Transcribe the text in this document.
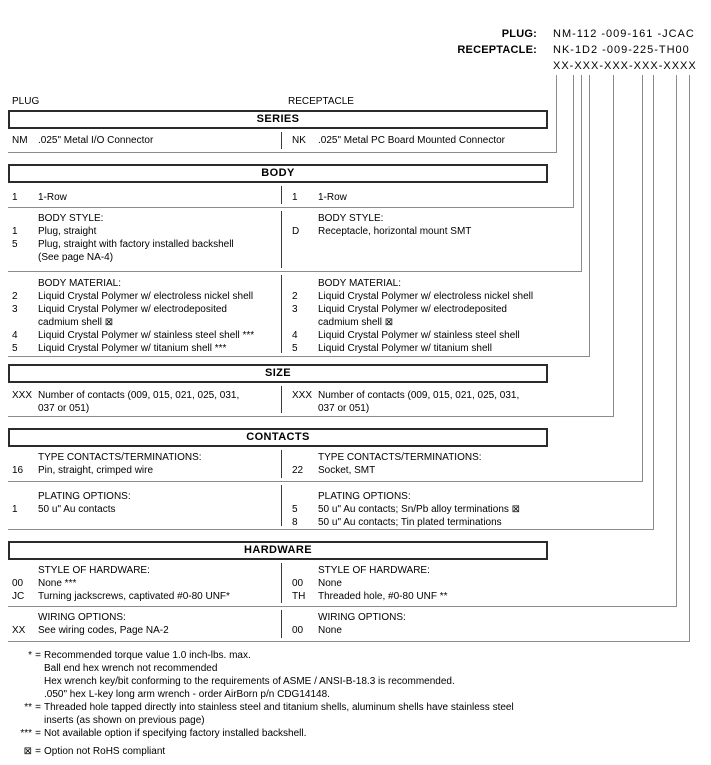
PLUG: NM-112 -009-161 -JCAC
RECEPTACLE: NK-1D2 -009-225-TH00
XX-XXX-XXX-XXX-XXXX
PLUG	RECEPTACLE
SERIES
BODY
SIZE
CONTACTS
HARDWARE
NM	.025" Metal I/O Connector	NK	.025" Metal PC Board Mounted Connector
1	1-Row	1	1-Row
BODY STYLE:
1	Plug, straight
5	Plug, straight with factory installed backshell
(See page NA-4)
BODY STYLE:
D	Receptacle, horizontal mount SMT
BODY MATERIAL:
2	Liquid Crystal Polymer w/ electroless nickel shell
3	Liquid Crystal Polymer w/ electrodeposited
cadmium shell ⊠
4	Liquid Crystal Polymer w/ stainless steel shell ***
5	Liquid Crystal Polymer w/ titanium shell ***
BODY MATERIAL:
2	Liquid Crystal Polymer w/ electroless nickel shell
3	Liquid Crystal Polymer w/ electrodeposited
cadmium shell ⊠
4	Liquid Crystal Polymer w/ stainless steel shell
5	Liquid Crystal Polymer w/ titanium shell
XXX Number of contacts (009, 015, 021, 025, 031,
037 or 051)
XXX Number of contacts (009, 015, 021, 025, 031,
037 or 051)
TYPE CONTACTS/TERMINATIONS:
16	Pin, straight, crimped wire
TYPE CONTACTS/TERMINATIONS:
22	Socket, SMT
PLATING OPTIONS:
1	50 u" Au contacts
PLATING OPTIONS:
5	50 u" Au contacts; Sn/Pb alloy terminations ⊠
8	50 u" Au contacts; Tin plated terminations
STYLE OF HARDWARE:
00	None ***
JC	Turning jackscrews, captivated #0-80 UNF*
STYLE OF HARDWARE:
00	None
TH	Threaded hole, #0-80 UNF **
WIRING OPTIONS:
XX	See wiring codes, Page NA-2
WIRING OPTIONS:
00	None
* = Recommended torque value 1.0 inch-lbs. max.
Ball end hex wrench not recommended
Hex wrench key/bit conforming to the requirements of ASME / ANSI-B-18.3 is recommended.
.050" hex L-key long arm wrench - order AirBorn p/n CDG14148.
** = Threaded hole tapped directly into stainless steel and titanium shells, aluminum shells have stainless steel
inserts (as shown on previous page)
*** = Not available option if specifying factory installed backshell.
⊠ = Option not RoHS compliant
